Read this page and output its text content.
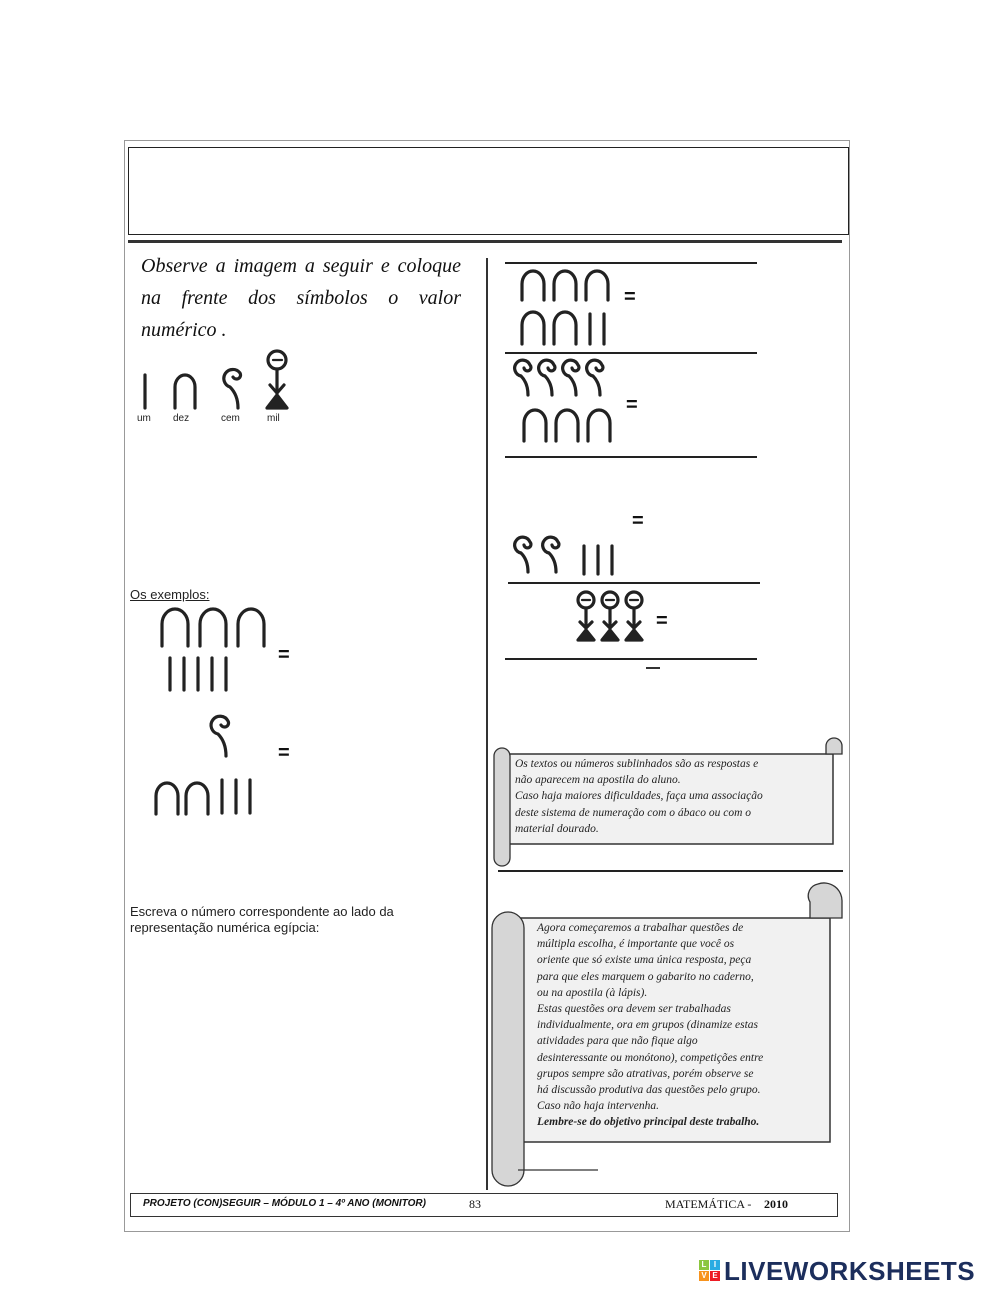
Observe a imagem a seguir e coloque na frente dos símbolos o valor numérico .
um dez	cem	mil
Os exemplos:
=
=
Escreva o número correspondente ao lado da representação numérica egípcia:
=
=
=
=
Os textos ou números sublinhados são as respostas e
não aparecem na apostila do aluno.
Caso haja maiores dificuldades, faça uma associação
deste sistema de numeração com o ábaco ou com o
material dourado.
Agora começaremos a trabalhar questões de
múltipla escolha, é importante que você os
oriente que só existe uma única resposta, peça
para que eles marquem o gabarito no caderno,
ou na apostila (à lápis).
Estas questões ora devem ser trabalhadas
individualmente, ora em grupos (dinamize estas
atividades para que não fique algo
desinteressante ou monótono), competições entre
grupos sempre são atrativas, porém observe se
há discussão produtiva das questões pelo grupo.
Caso não haja intervenha.
Lembre-se do objetivo principal deste trabalho.
PROJETO (CON)SEGUIR – MÓDULO 1 – 4º ANO (MONITOR)	83	MATEMÁTICA - 2010
L I
V E LIVEWORKSHEETS
